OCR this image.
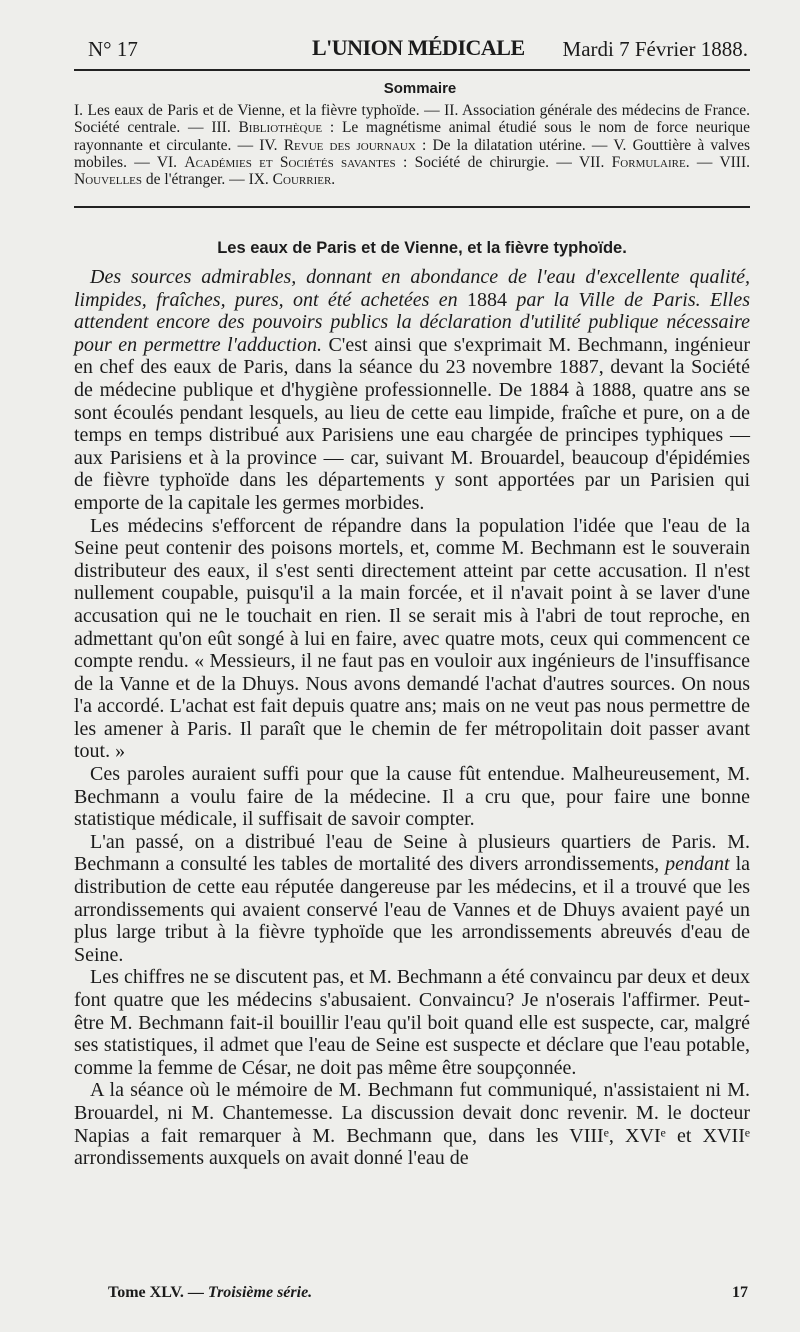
N° 17	L'UNION MÉDICALE Mardi 7 Février 1888.
Sommaire
I. Les eaux de Paris et de Vienne, et la fièvre typhoïde. — II. Association générale des médecins de France. Société centrale. — III. Bibliothèque : Le magnétisme animal étudié sous le nom de force neurique rayonnante et circulante. — IV. Revue des journaux : De la dilatation utérine. — V. Gouttière à valves mobiles. — VI. Académies et Sociétés savantes : Société de chirurgie. — VII. Formulaire. — VIII. Nouvelles de l'étranger. — IX. Courrier.
Les eaux de Paris et de Vienne, et la fièvre typhoïde.

Des sources admirables, donnant en abondance de l'eau d'excellente qualité, limpides, fraîches, pures, ont été achetées en 1884 par la Ville de Paris. Elles attendent encore des pouvoirs publics la déclaration d'utilité publique nécessaire pour en permettre l'adduction. C'est ainsi que s'exprimait M. Bechmann, ingénieur en chef des eaux de Paris, dans la séance du 23 novembre 1887, devant la Société de médecine publique et d'hygiène professionnelle. De 1884 à 1888, quatre ans se sont écoulés pendant lesquels, au lieu de cette eau limpide, fraîche et pure, on a de temps en temps distribué aux Parisiens une eau chargée de principes typhiques — aux Parisiens et à la province — car, suivant M. Brouardel, beaucoup d'épidémies de fièvre typhoïde dans les départements y sont apportées par un Parisien qui emporte de la capitale les germes morbides.

Les médecins s'efforcent de répandre dans la population l'idée que l'eau de la Seine peut contenir des poisons mortels, et, comme M. Bechmann est le souverain distributeur des eaux, il s'est senti directement atteint par cette accusation. Il n'est nullement coupable, puisqu'il a la main forcée, et il n'avait point à se laver d'une accusation qui ne le touchait en rien. Il se serait mis à l'abri de tout reproche, en admettant qu'on eût songé à lui en faire, avec quatre mots, ceux qui commencent ce compte rendu. « Messieurs, il ne faut pas en vouloir aux ingénieurs de l'insuffisance de la Vanne et de la Dhuys. Nous avons demandé l'achat d'autres sources. On nous l'a accordé. L'achat est fait depuis quatre ans; mais on ne veut pas nous permettre de les amener à Paris. Il paraît que le chemin de fer métropolitain doit passer avant tout. »

Ces paroles auraient suffi pour que la cause fût entendue. Malheureusement, M. Bechmann a voulu faire de la médecine. Il a cru que, pour faire une bonne statistique médicale, il suffisait de savoir compter.

L'an passé, on a distribué l'eau de Seine à plusieurs quartiers de Paris. M. Bechmann a consulté les tables de mortalité des divers arrondissements, pendant la distribution de cette eau réputée dangereuse par les médecins, et il a trouvé que les arrondissements qui avaient conservé l'eau de Vannes et de Dhuys avaient payé un plus large tribut à la fièvre typhoïde que les arrondissements abreuvés d'eau de Seine.

Les chiffres ne se discutent pas, et M. Bechmann a été convaincu par deux et deux font quatre que les médecins s'abusaient. Convaincu? Je n'oserais l'affirmer. Peut-être M. Bechmann fait-il bouillir l'eau qu'il boit quand elle est suspecte, car, malgré ses statistiques, il admet que l'eau de Seine est suspecte et déclare que l'eau potable, comme la femme de César, ne doit pas même être soupçonnée.

A la séance où le mémoire de M. Bechmann fut communiqué, n'assistaient ni M. Brouardel, ni M. Chantemesse. La discussion devait donc revenir. M. le docteur Napias a fait remarquer à M. Bechmann que, dans les VIIIᵉ, XVIᵉ et XVIIᵉ arrondissements auxquels on avait donné l'eau de

Tome XLV. — Troisième série.	17
